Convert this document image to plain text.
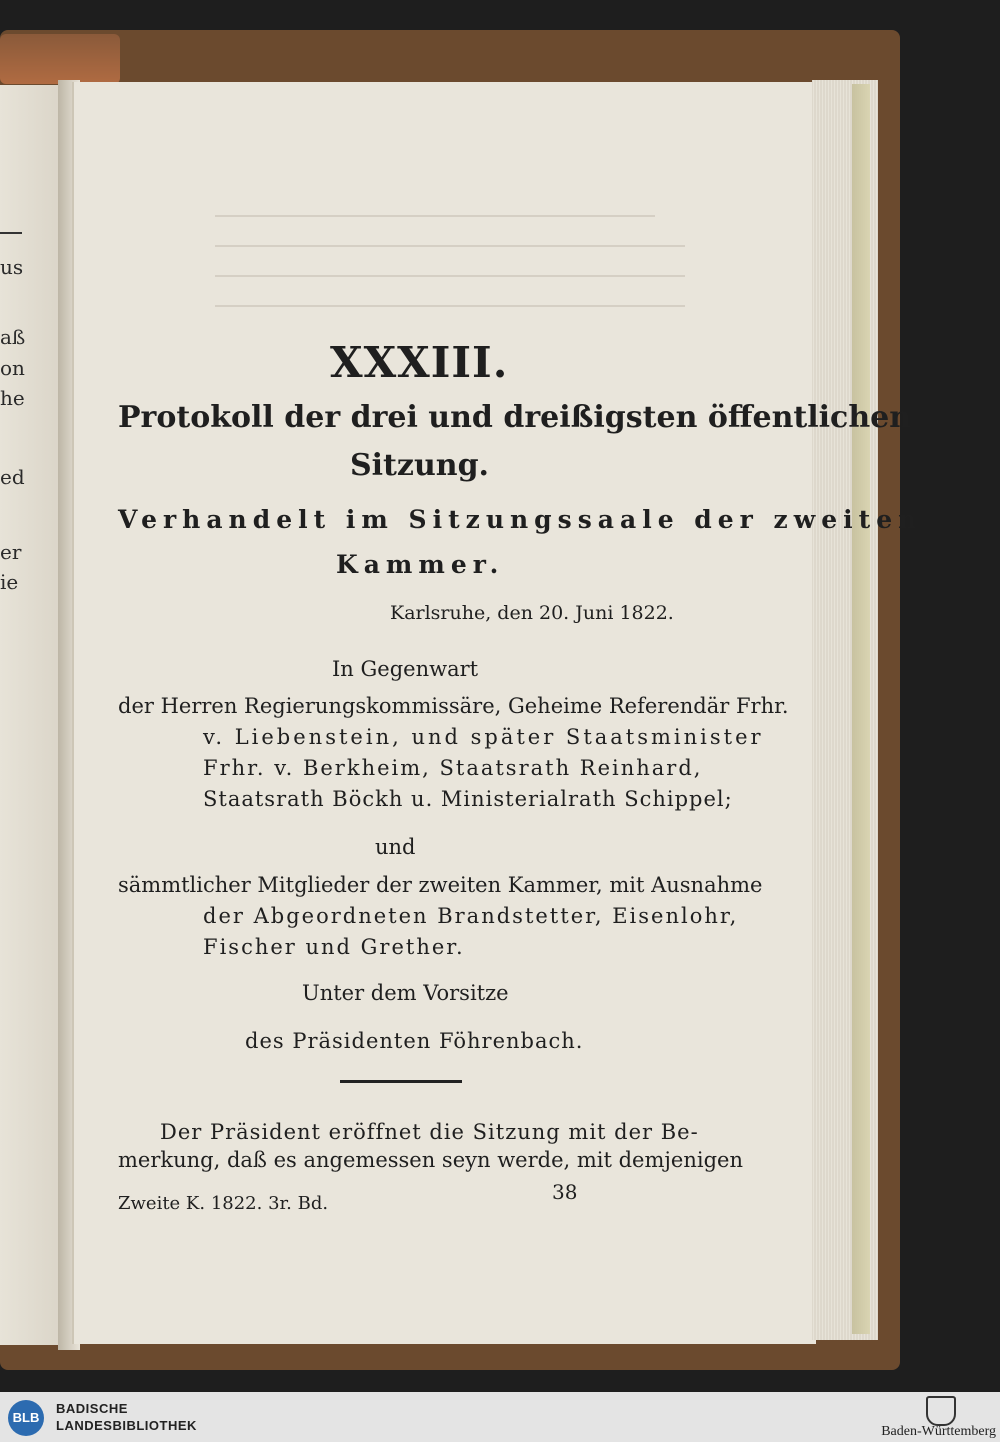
us
aß
on
he
ed
er
ie
XXXIII.
Protokoll der drei und dreißigsten öffentlichen
Sitzung.
Verhandelt im Sitzungssaale der zweiten
Kammer.
Karlsruhe, den 20. Juni 1822.
In Gegenwart
der Herren Regierungskommissäre, Geheime Referendär Frhr.
v. Liebenstein, und später Staatsminister
Frhr. v. Berkheim, Staatsrath Reinhard,
Staatsrath Böckh u. Ministerialrath Schippel;
und
sämmtlicher Mitglieder der zweiten Kammer, mit Ausnahme
der Abgeordneten Brandstetter, Eisenlohr,
Fischer und Grether.
Unter dem Vorsitze
des Präsidenten Föhrenbach.
Der Präsident eröffnet die Sitzung mit der Be-
merkung, daß es angemessen seyn werde, mit demjenigen
Zweite K. 1822. 3r. Bd.	38
BLB
BADISCHE
LANDESBIBLIOTHEK	Baden-Württemberg
